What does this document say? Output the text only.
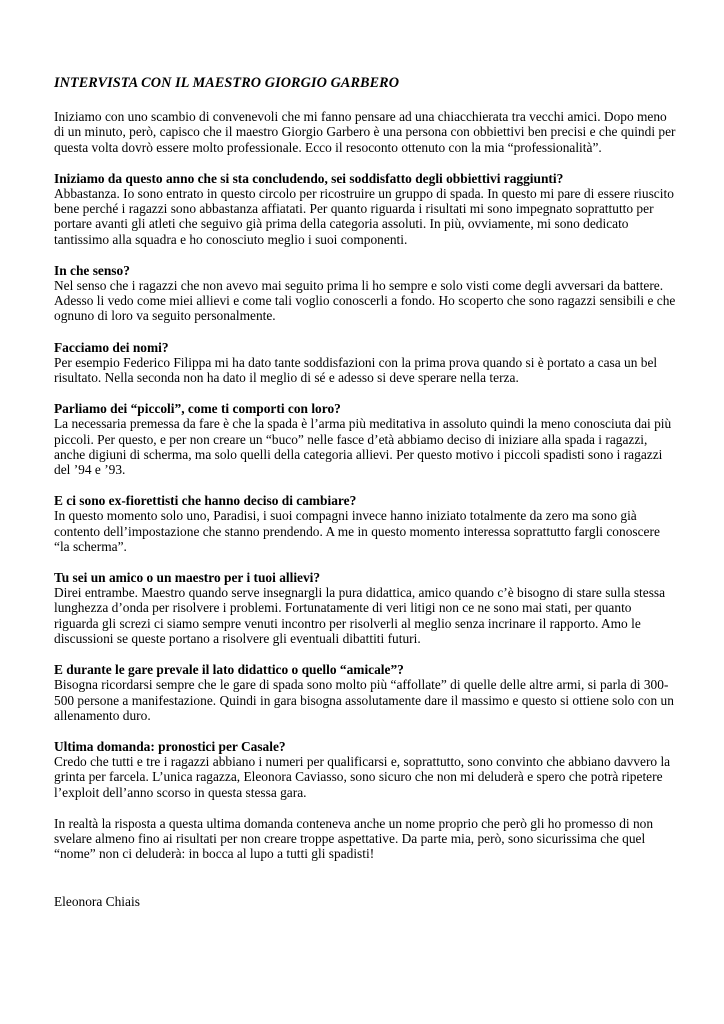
INTERVISTA CON IL MAESTRO GIORGIO GARBERO

Iniziamo con uno scambio di convenevoli che mi fanno pensare ad una chiacchierata tra vecchi amici. Dopo meno di un minuto, però, capisco che il maestro Giorgio Garbero è una persona con obbiettivi ben precisi e che quindi per questa volta dovrò essere molto professionale. Ecco il resoconto ottenuto con la mia “professionalità”.

Iniziamo da questo anno che si sta concludendo, sei soddisfatto degli obbiettivi raggiunti?
Abbastanza. Io sono entrato in questo circolo per ricostruire un gruppo di spada. In questo mi pare di essere riuscito bene perché i ragazzi sono abbastanza affiatati. Per quanto riguarda i risultati mi sono impegnato soprattutto per portare avanti gli atleti che seguivo già prima della categoria assoluti. In più, ovviamente, mi sono dedicato tantissimo alla squadra e ho conosciuto meglio i suoi componenti.
In che senso?
Nel senso che i ragazzi che non avevo mai seguito prima li ho sempre e solo visti come degli avversari da battere. Adesso li vedo come miei allievi e come tali voglio conoscerli a fondo. Ho scoperto che sono ragazzi sensibili e che ognuno di loro va seguito personalmente.
Facciamo dei nomi?
Per esempio Federico Filippa mi ha dato tante soddisfazioni con la prima prova quando si è portato a casa un bel risultato. Nella seconda non ha dato il meglio di sé e adesso si deve sperare nella terza.
Parliamo dei “piccoli”, come ti comporti con loro?
La necessaria premessa da fare è che la spada è l’arma più meditativa in assoluto quindi la meno conosciuta dai più piccoli. Per questo, e per non creare un “buco” nelle fasce d’età abbiamo deciso di iniziare alla spada i ragazzi, anche digiuni di scherma, ma solo quelli della categoria allievi. Per questo motivo i piccoli spadisti sono i ragazzi del ’94 e ’93.
E ci sono ex-fiorettisti che hanno deciso di cambiare?
In questo momento solo uno, Paradisi, i suoi compagni invece hanno iniziato totalmente da zero ma sono già contento dell’impostazione che stanno prendendo. A me in questo momento interessa soprattutto fargli conoscere “la scherma”.
Tu sei un amico o un maestro per i tuoi allievi?
Direi entrambe. Maestro quando serve insegnargli la pura didattica, amico quando c’è bisogno di stare sulla stessa lunghezza d’onda per risolvere i problemi. Fortunatamente di veri litigi non ce ne sono mai stati, per quanto riguarda gli screzi ci siamo sempre venuti incontro per risolverli al meglio senza incrinare il rapporto. Amo le discussioni se queste portano a risolvere gli eventuali dibattiti futuri.
E durante le gare prevale il lato didattico o quello “amicale”?
Bisogna ricordarsi sempre che le gare di spada sono molto più “affollate” di quelle delle altre armi, si parla di 300-500 persone a manifestazione. Quindi in gara bisogna assolutamente dare il massimo e questo si ottiene solo con un allenamento duro.
Ultima domanda: pronostici per Casale?
Credo che tutti e tre i ragazzi abbiano i numeri per qualificarsi e, soprattutto, sono convinto che abbiano davvero la grinta per farcela. L’unica ragazza, Eleonora Caviasso, sono sicuro che non mi deluderà e spero che potrà ripetere l’exploit dell’anno scorso in questa stessa gara.

In realtà la risposta a questa ultima domanda conteneva anche un nome proprio che però gli ho promesso di non svelare almeno fino ai risultati per non creare troppe aspettative. Da parte mia, però, sono sicurissima che quel “nome” non ci deluderà: in bocca al lupo a tutti gli spadisti!

Eleonora Chiais
